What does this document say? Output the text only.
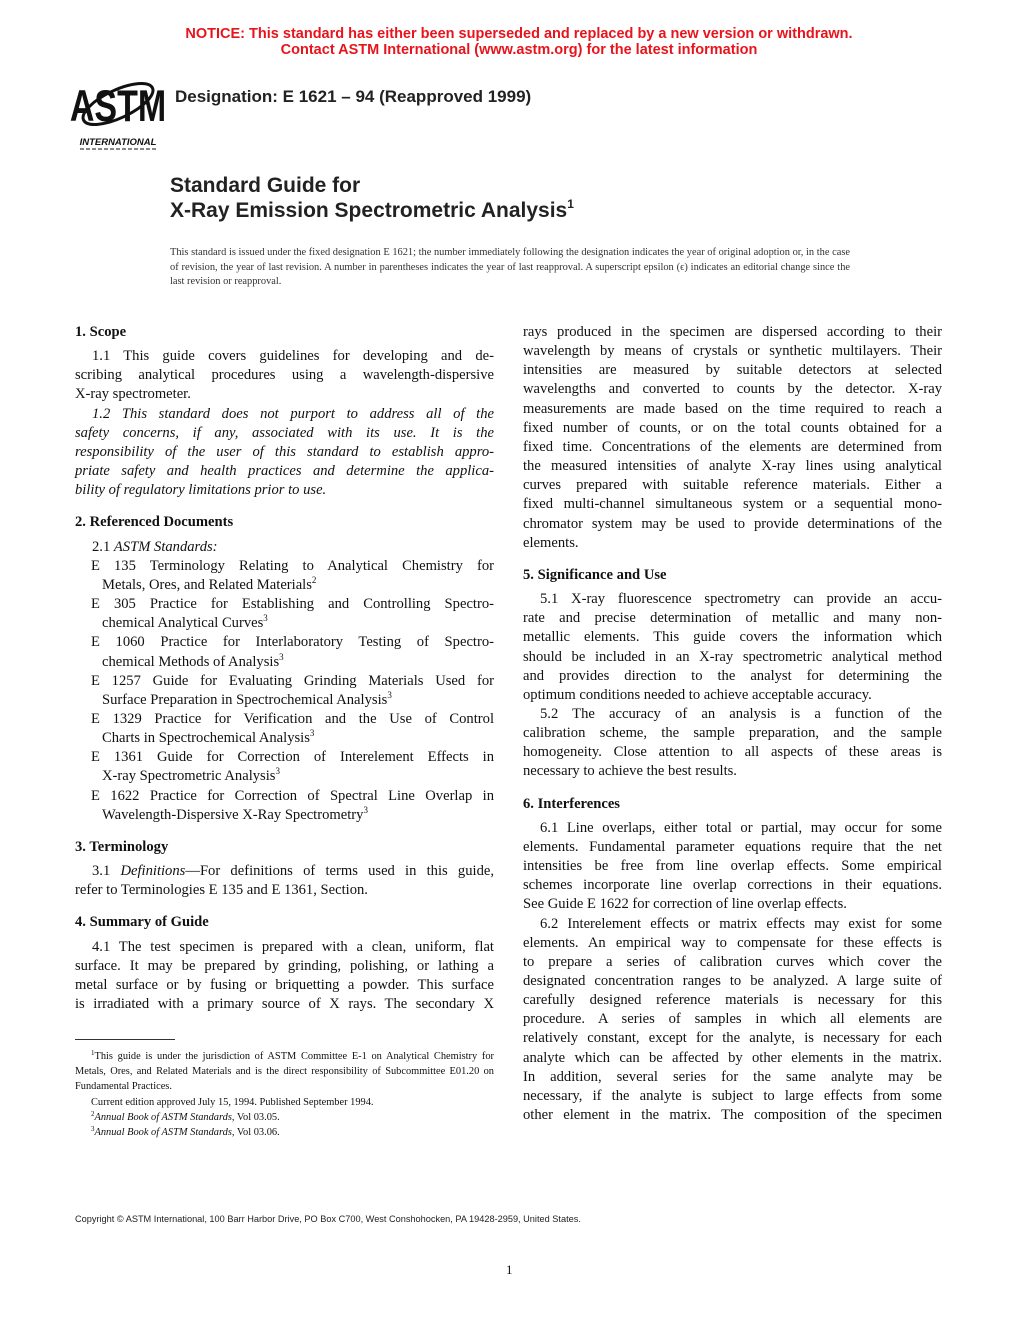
NOTICE: This standard has either been superseded and replaced by a new version or withdrawn.
Contact ASTM International (www.astm.org) for the latest information
ASTM
INTERNATIONAL
Designation: E 1621 – 94 (Reapproved 1999)
Standard Guide for
X-Ray Emission Spectrometric Analysis$^1$
This standard is issued under the fixed designation E 1621; the number immediately following the designation indicates the year of original adoption or, in the case of revision, the year of last revision. A number in parentheses indicates the year of last reapproval. A superscript epsilon (ϵ) indicates an editorial change since the last revision or reapproval.
1. Scope
1.1 This guide covers guidelines for developing and de-
scribing analytical procedures using a wavelength-dispersive
X-ray spectrometer.
1.2 This standard does not purport to address all of the
safety concerns, if any, associated with its use. It is the
responsibility of the user of this standard to establish appro-
priate safety and health practices and determine the applica-
bility of regulatory limitations prior to use.
2. Referenced Documents
2.1 ASTM Standards:
E 135 Terminology Relating to Analytical Chemistry for
Metals, Ores, and Related Materials$^2$
E 305 Practice for Establishing and Controlling Spectro-
chemical Analytical Curves$^3$
E 1060 Practice for Interlaboratory Testing of Spectro-
chemical Methods of Analysis$^3$
E 1257 Guide for Evaluating Grinding Materials Used for
Surface Preparation in Spectrochemical Analysis$^3$
E 1329 Practice for Verification and the Use of Control
Charts in Spectrochemical Analysis$^3$
E 1361 Guide for Correction of Interelement Effects in
X-ray Spectrometric Analysis$^3$
E 1622 Practice for Correction of Spectral Line Overlap in
Wavelength-Dispersive X-Ray Spectrometry$^3$
3. Terminology
3.1 Definitions—For definitions of terms used in this guide,
refer to Terminologies E 135 and E 1361, Section.
4. Summary of Guide
4.1 The test specimen is prepared with a clean, uniform, flat
surface. It may be prepared by grinding, polishing, or lathing a
metal surface or by fusing or briquetting a powder. This surface
is irradiated with a primary source of X rays. The secondary X
rays produced in the specimen are dispersed according to their
wavelength by means of crystals or synthetic multilayers. Their
intensities are measured by suitable detectors at selected
wavelengths and converted to counts by the detector. X-ray
measurements are made based on the time required to reach a
fixed number of counts, or on the total counts obtained for a
fixed time. Concentrations of the elements are determined from
the measured intensities of analyte X-ray lines using analytical
curves prepared with suitable reference materials. Either a
fixed multi-channel simultaneous system or a sequential mono-
chromator system may be used to provide determinations of the
elements.
5. Significance and Use
5.1 X-ray fluorescence spectrometry can provide an accu-
rate and precise determination of metallic and many non-
metallic elements. This guide covers the information which
should be included in an X-ray spectrometric analytical method
and provides direction to the analyst for determining the
optimum conditions needed to achieve acceptable accuracy.
5.2 The accuracy of an analysis is a function of the
calibration scheme, the sample preparation, and the sample
homogeneity. Close attention to all aspects of these areas is
necessary to achieve the best results.
6. Interferences
6.1 Line overlaps, either total or partial, may occur for some
elements. Fundamental parameter equations require that the net
intensities be free from line overlap effects. Some empirical
schemes incorporate line overlap corrections in their equations.
See Guide E 1622 for correction of line overlap effects.
6.2 Interelement effects or matrix effects may exist for some
elements. An empirical way to compensate for these effects is
to prepare a series of calibration curves which cover the
designated concentration ranges to be analyzed. A large suite of
carefully designed reference materials is necessary for this
procedure. A series of samples in which all elements are
relatively constant, except for the analyte, is necessary for each
analyte which can be affected by other elements in the matrix.
In addition, several series for the same analyte may be
necessary, if the analyte is subject to large effects from some
other element in the matrix. The composition of the specimen
$^1$This guide is under the jurisdiction of ASTM Committee E-1 on Analytical Chemistry for Metals, Ores, and Related Materials and is the direct responsibility of Subcommittee E01.20 on Fundamental Practices.
Current edition approved July 15, 1994. Published September 1994.
$^2$Annual Book of ASTM Standards, Vol 03.05.
$^3$Annual Book of ASTM Standards, Vol 03.06.
Copyright © ASTM International, 100 Barr Harbor Drive, PO Box C700, West Conshohocken, PA 19428-2959, United States.
1
